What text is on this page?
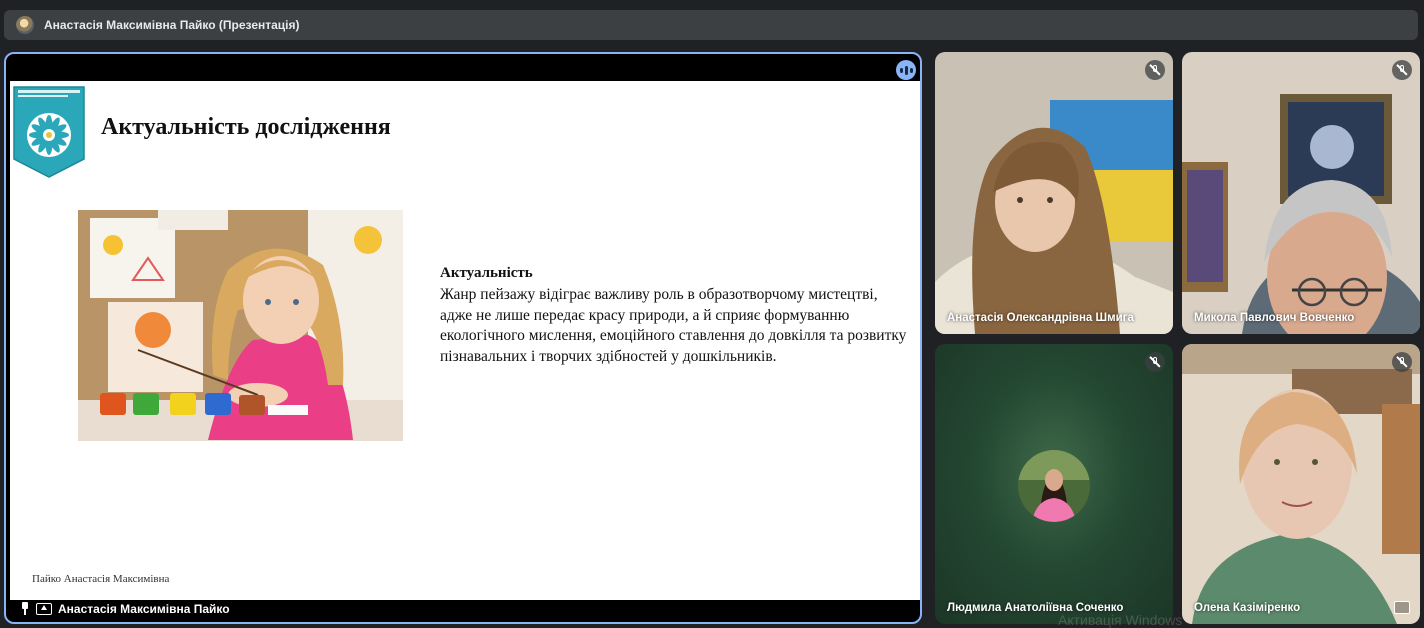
Анастасія Максимівна Пайко (Презентація)
Актуальність дослідження
Актуальність
Жанр пейзажу відіграє важливу роль в образотворчому мистецтві, адже не лише передає красу природи, а й сприяє формуванню екологічного мислення, емоційного ставлення до довкілля та розвитку пізнавальних і творчих здібностей у дошкільників.
Пайко Анастасія Максимівна
Анастасія Максимівна Пайко
Анастасія Олександрівна Шмига	Микола Павлович Вовченко
Людмила Анатоліївна Соченко	Олена Казіміренко
Активація Windows
